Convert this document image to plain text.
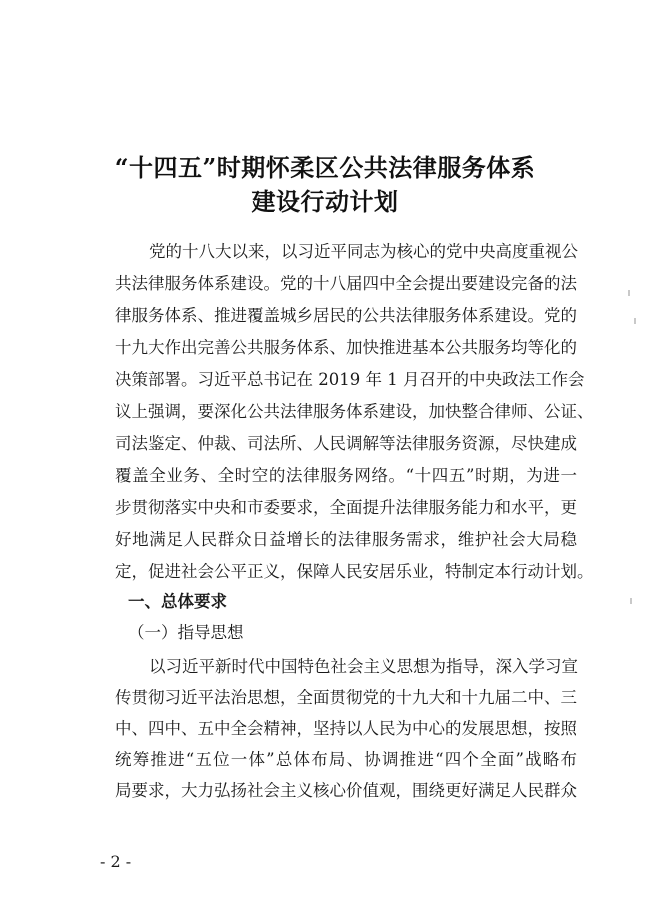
“十四五”时期怀柔区公共法律服务体系
建设行动计划
党的十八大以来，以习近平同志为核心的党中央高度重视公
共法律服务体系建设。党的十八届四中全会提出要建设完备的法
律服务体系、推进覆盖城乡居民的公共法律服务体系建设。党的
十九大作出完善公共服务体系、加快推进基本公共服务均等化的
决策部署。习近平总书记在 2019 年 1 月召开的中央政法工作会
议上强调，要深化公共法律服务体系建设，加快整合律师、公证、
司法鉴定、仲裁、司法所、人民调解等法律服务资源，尽快建成
覆盖全业务、全时空的法律服务网络。“十四五”时期，为进一
步贯彻落实中央和市委要求，全面提升法律服务能力和水平，更
好地满足人民群众日益增长的法律服务需求，维护社会大局稳
定，促进社会公平正义，保障人民安居乐业，特制定本行动计划。
一、总体要求
（一）指导思想
以习近平新时代中国特色社会主义思想为指导，深入学习宣
传贯彻习近平法治思想，全面贯彻党的十九大和十九届二中、三
中、四中、五中全会精神，坚持以人民为中心的发展思想，按照
统筹推进“五位一体”总体布局、协调推进“四个全面”战略布
局要求，大力弘扬社会主义核心价值观，围绕更好满足人民群众
- 2 -
